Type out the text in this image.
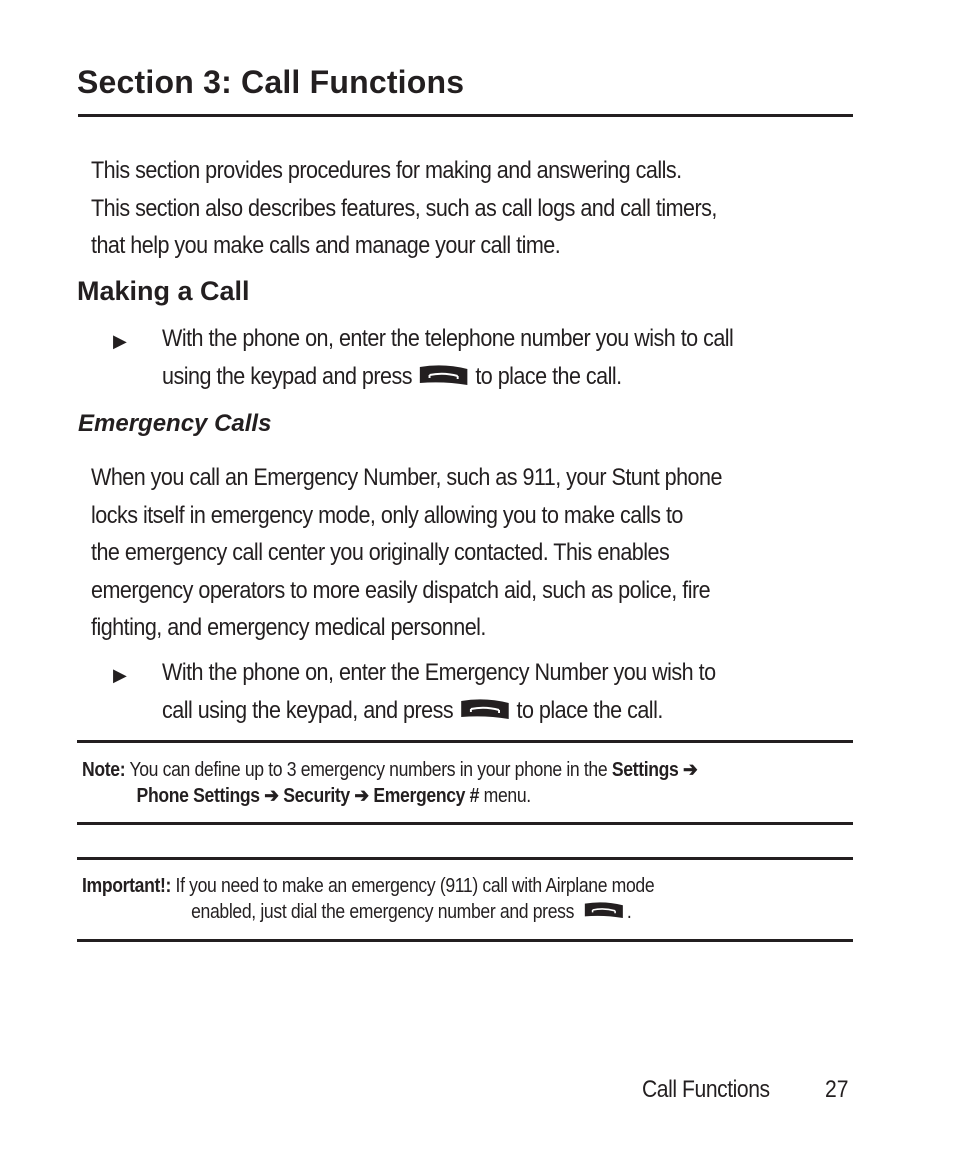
Section 3: Call Functions

This section provides procedures for making and answering calls.
This section also describes features, such as call logs and call timers,
that help you make calls and manage your call time.

Making a Call
▶ With the phone on, enter the telephone number you wish to call
using the keypad and press	to place the call.

Emergency Calls

When you call an Emergency Number, such as 911, your Stunt phone
locks itself in emergency mode, only allowing you to make calls to
the emergency call center you originally contacted. This enables
emergency operators to more easily dispatch aid, such as police, fire
fighting, and emergency medical personnel.

▶ With the phone on, enter the Emergency Number you wish to
call using the keypad, and press	to place the call.

Note: You can define up to 3 emergency numbers in your phone in the Settings ➔
Phone Settings ➔ Security ➔ Emergency # menu.
Important!: If you need to make an emergency (911) call with Airplane mode
enabled, just dial the emergency number and press	.
Call Functions 27
